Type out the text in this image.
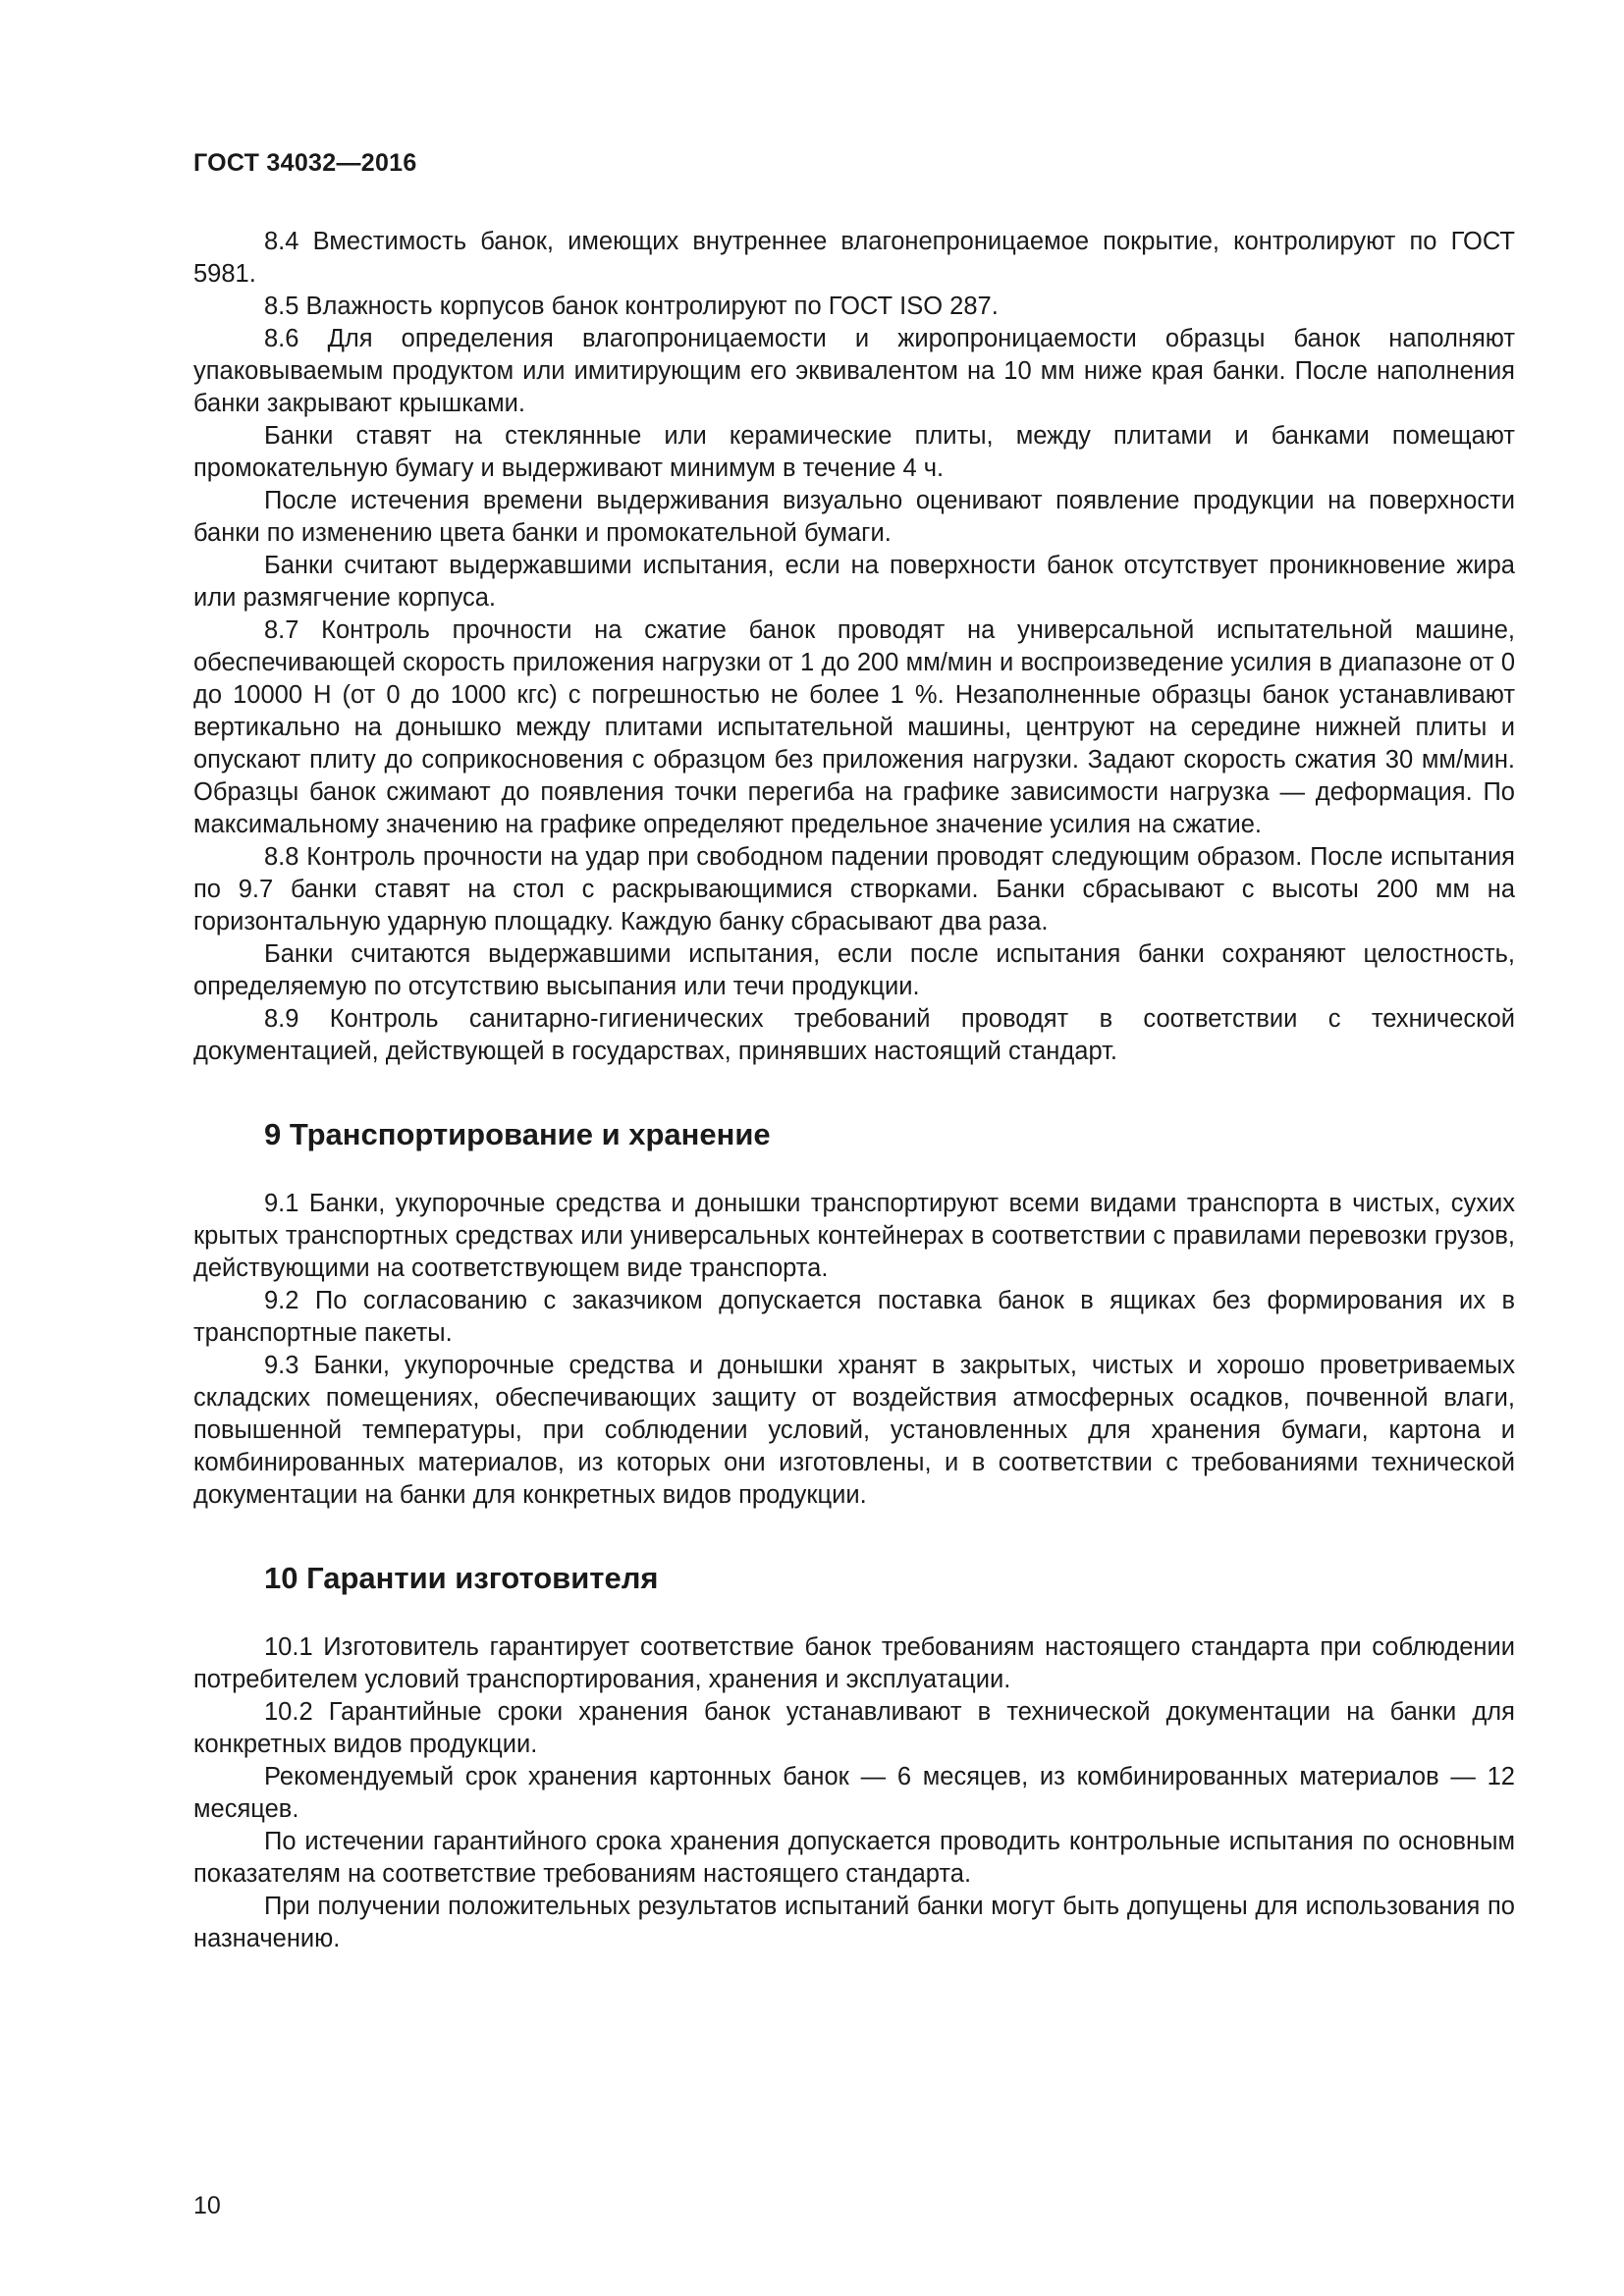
ГОСТ 34032—2016

8.4 Вместимость банок, имеющих внутреннее влагонепроницаемое покрытие, контролируют по ГОСТ 5981.

8.5 Влажность корпусов банок контролируют по ГОСТ ISO 287.

8.6 Для определения влагопроницаемости и жиропроницаемости образцы банок наполняют упаковываемым продуктом или имитирующим его эквивалентом на 10 мм ниже края банки. После наполнения банки закрывают крышками.

Банки ставят на стеклянные или керамические плиты, между плитами и банками помещают промокательную бумагу и выдерживают минимум в течение 4 ч.

После истечения времени выдерживания визуально оценивают появление продукции на поверхности банки по изменению цвета банки и промокательной бумаги.

Банки считают выдержавшими испытания, если на поверхности банок отсутствует проникновение жира или размягчение корпуса.

8.7 Контроль прочности на сжатие банок проводят на универсальной испытательной машине, обеспечивающей скорость приложения нагрузки от 1 до 200 мм/мин и воспроизведение усилия в диапазоне от 0 до 10000 Н (от 0 до 1000 кгс) с погрешностью не более 1 %. Незаполненные образцы банок устанавливают вертикально на донышко между плитами испытательной машины, центруют на середине нижней плиты и опускают плиту до соприкосновения с образцом без приложения нагрузки. Задают скорость сжатия 30 мм/мин. Образцы банок сжимают до появления точки перегиба на графике зависимости нагрузка — деформация. По максимальному значению на графике определяют предельное значение усилия на сжатие.

8.8 Контроль прочности на удар при свободном падении проводят следующим образом. После испытания по 9.7 банки ставят на стол с раскрывающимися створками. Банки сбрасывают с высоты 200 мм на горизонтальную ударную площадку. Каждую банку сбрасывают два раза.

Банки считаются выдержавшими испытания, если после испытания банки сохраняют целостность, определяемую по отсутствию высыпания или течи продукции.

8.9 Контроль санитарно-гигиенических требований проводят в соответствии с технической документацией, действующей в государствах, принявших настоящий стандарт.

9 Транспортирование и хранение

9.1 Банки, укупорочные средства и донышки транспортируют всеми видами транспорта в чистых, сухих крытых транспортных средствах или универсальных контейнерах в соответствии с правилами перевозки грузов, действующими на соответствующем виде транспорта.

9.2 По согласованию с заказчиком допускается поставка банок в ящиках без формирования их в транспортные пакеты.

9.3 Банки, укупорочные средства и донышки хранят в закрытых, чистых и хорошо проветриваемых складских помещениях, обеспечивающих защиту от воздействия атмосферных осадков, почвенной влаги, повышенной температуры, при соблюдении условий, установленных для хранения бумаги, картона и комбинированных материалов, из которых они изготовлены, и в соответствии с требованиями технической документации на банки для конкретных видов продукции.

10 Гарантии изготовителя

10.1 Изготовитель гарантирует соответствие банок требованиям настоящего стандарта при соблюдении потребителем условий транспортирования, хранения и эксплуатации.

10.2 Гарантийные сроки хранения банок устанавливают в технической документации на банки для конкретных видов продукции.

Рекомендуемый срок хранения картонных банок — 6 месяцев, из комбинированных материалов — 12 месяцев.

По истечении гарантийного срока хранения допускается проводить контрольные испытания по основным показателям на соответствие требованиям настоящего стандарта.

При получении положительных результатов испытаний банки могут быть допущены для использования по назначению.

10
